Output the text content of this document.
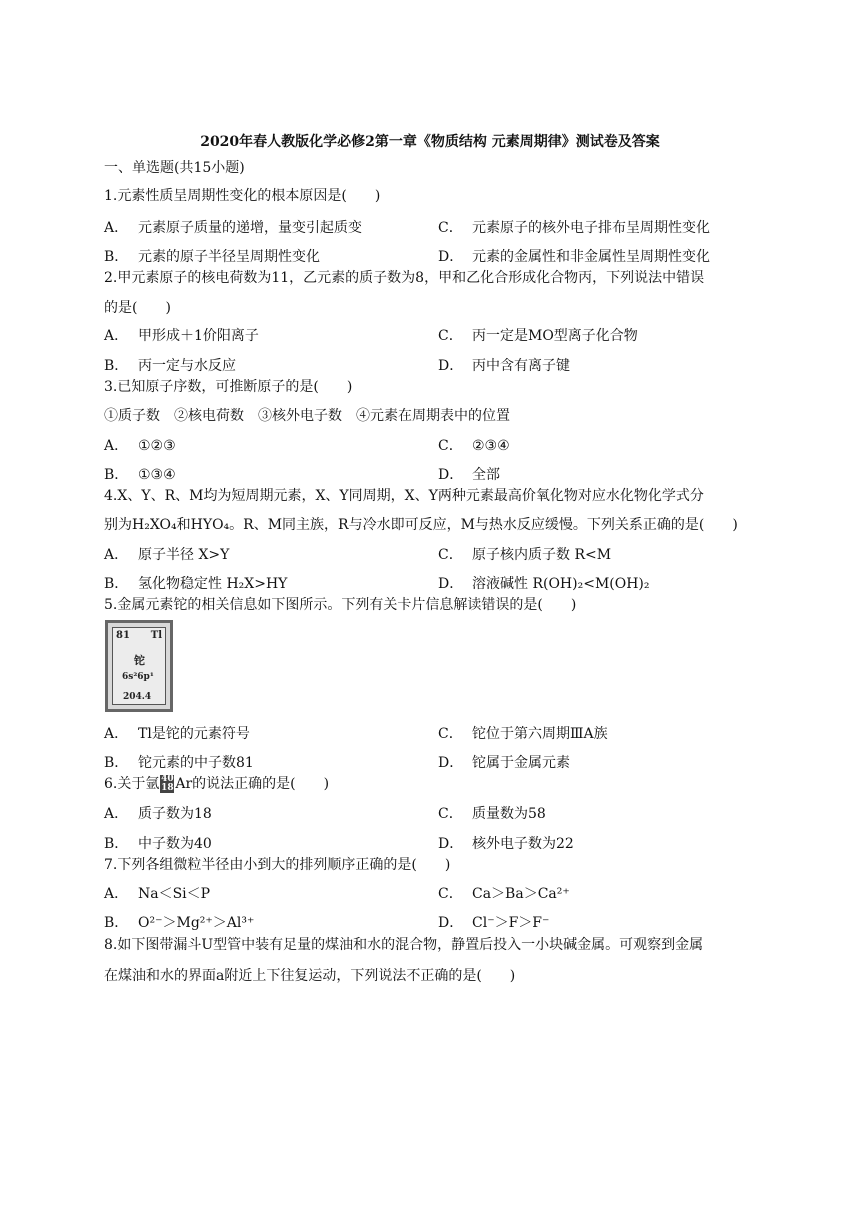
2020年春人教版化学必修2第一章《物质结构 元素周期律》测试卷及答案
一、单选题(共15小题)
1.元素性质呈周期性变化的根本原因是(　　)
A． 元素原子质量的递增，量变引起质变	C． 元素原子的核外电子排布呈周期性变化
B． 元素的原子半径呈周期性变化	D． 元素的金属性和非金属性呈周期性变化
2.甲元素原子的核电荷数为11，乙元素的质子数为8，甲和乙化合形成化合物丙，下列说法中错误
的是(　　)
A． 甲形成＋1价阳离子	C． 丙一定是MO型离子化合物
B． 丙一定与水反应	D． 丙中含有离子键
3.已知原子序数，可推断原子的是(　　)
①质子数　②核电荷数　③核外电子数　④元素在周期表中的位置
A． ①②③	C． ②③④
B． ①③④	D． 全部
4.X、Y、R、M均为短周期元素，X、Y同周期，X、Y两种元素最高价氧化物对应水化物化学式分
别为H₂XO₄和HYO₄。R、M同主族，R与冷水即可反应，M与热水反应缓慢。下列关系正确的是(　　)
A． 原子半径 X>Y	C． 原子核内质子数 R<M
B． 氢化物稳定性 H₂X>HY	D． 溶液碱性 R(OH)₂<M(OH)₂
5.金属元素铊的相关信息如下图所示。下列有关卡片信息解读错误的是(　　)
81 Tl
铊
6s²6p¹
204.4
A． Tl是铊的元素符号	C． 铊位于第六周期ⅢA族
B． 铊元素的中子数81	D． 铊属于金属元素
6.关于氩 40
18 Ar的说法正确的是(　　)
A． 质子数为18	C． 质量数为58
B． 中子数为40	D． 核外电子数为22
7.下列各组微粒半径由小到大的排列顺序正确的是(　　)
A． Na＜Si＜P	C． Ca＞Ba＞Ca²⁺
B． O²⁻＞Mg²⁺＞Al³⁺	D． Cl⁻＞F＞F⁻
8.如下图带漏斗U型管中装有足量的煤油和水的混合物，静置后投入一小块碱金属。可观察到金属
在煤油和水的界面a附近上下往复运动，下列说法不正确的是(　　)
